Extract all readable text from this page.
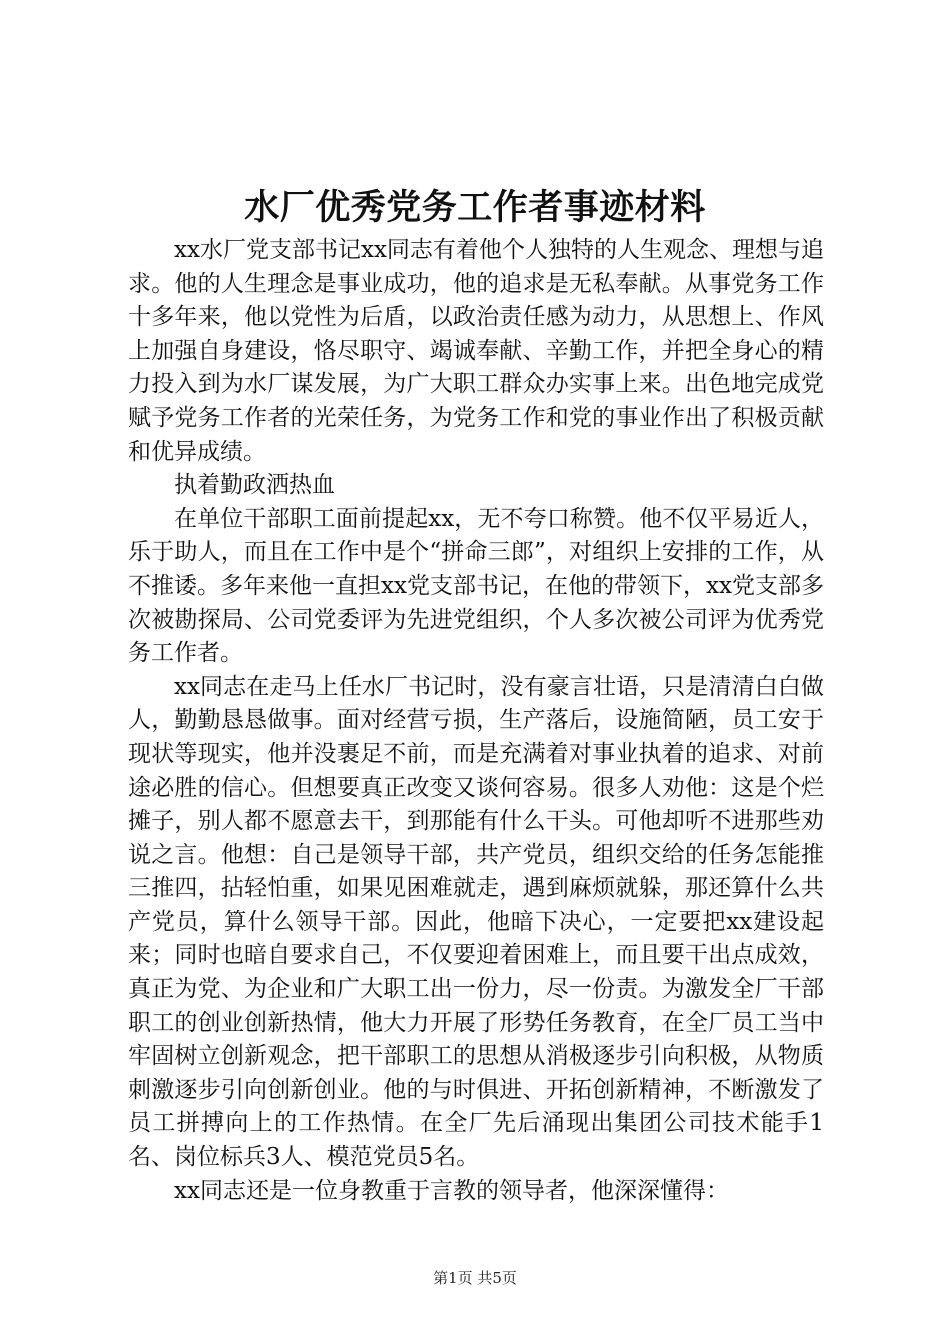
水厂优秀党务工作者事迹材料

xx水厂党支部书记xx同志有着他个人独特的人生观念、理想与追求。他的人生理念是事业成功，他的追求是无私奉献。从事党务工作十多年来，他以党性为后盾，以政治责任感为动力，从思想上、作风上加强自身建设，恪尽职守、竭诚奉献、辛勤工作，并把全身心的精力投入到为水厂谋发展，为广大职工群众办实事上来。出色地完成党赋予党务工作者的光荣任务，为党务工作和党的事业作出了积极贡献和优异成绩。

执着勤政洒热血

在单位干部职工面前提起xx，无不夸口称赞。他不仅平易近人，乐于助人，而且在工作中是个“拼命三郎”，对组织上安排的工作，从不推诿。多年来他一直担xx党支部书记，在他的带领下，xx党支部多次被勘探局、公司党委评为先进党组织，个人多次被公司评为优秀党务工作者。

xx同志在走马上任水厂书记时，没有豪言壮语，只是清清白白做人，勤勤恳恳做事。面对经营亏损，生产落后，设施简陋，员工安于现状等现实，他并没裹足不前，而是充满着对事业执着的追求、对前途必胜的信心。但想要真正改变又谈何容易。很多人劝他：这是个烂摊子，别人都不愿意去干，到那能有什么干头。可他却听不进那些劝说之言。他想：自己是领导干部，共产党员，组织交给的任务怎能推三推四，拈轻怕重，如果见困难就走，遇到麻烦就躲，那还算什么共产党员，算什么领导干部。因此，他暗下决心，一定要把xx建设起来；同时也暗自要求自己，不仅要迎着困难上，而且要干出点成效，真正为党、为企业和广大职工出一份力，尽一份责。为激发全厂干部职工的创业创新热情，他大力开展了形势任务教育，在全厂员工当中牢固树立创新观念，把干部职工的思想从消极逐步引向积极，从物质刺激逐步引向创新创业。他的与时俱进、开拓创新精神，不断激发了员工拼搏向上的工作热情。在全厂先后涌现出集团公司技术能手1名、岗位标兵3人、模范党员5名。

xx同志还是一位身教重于言教的领导者，他深深懂得：

第1页 共5页
